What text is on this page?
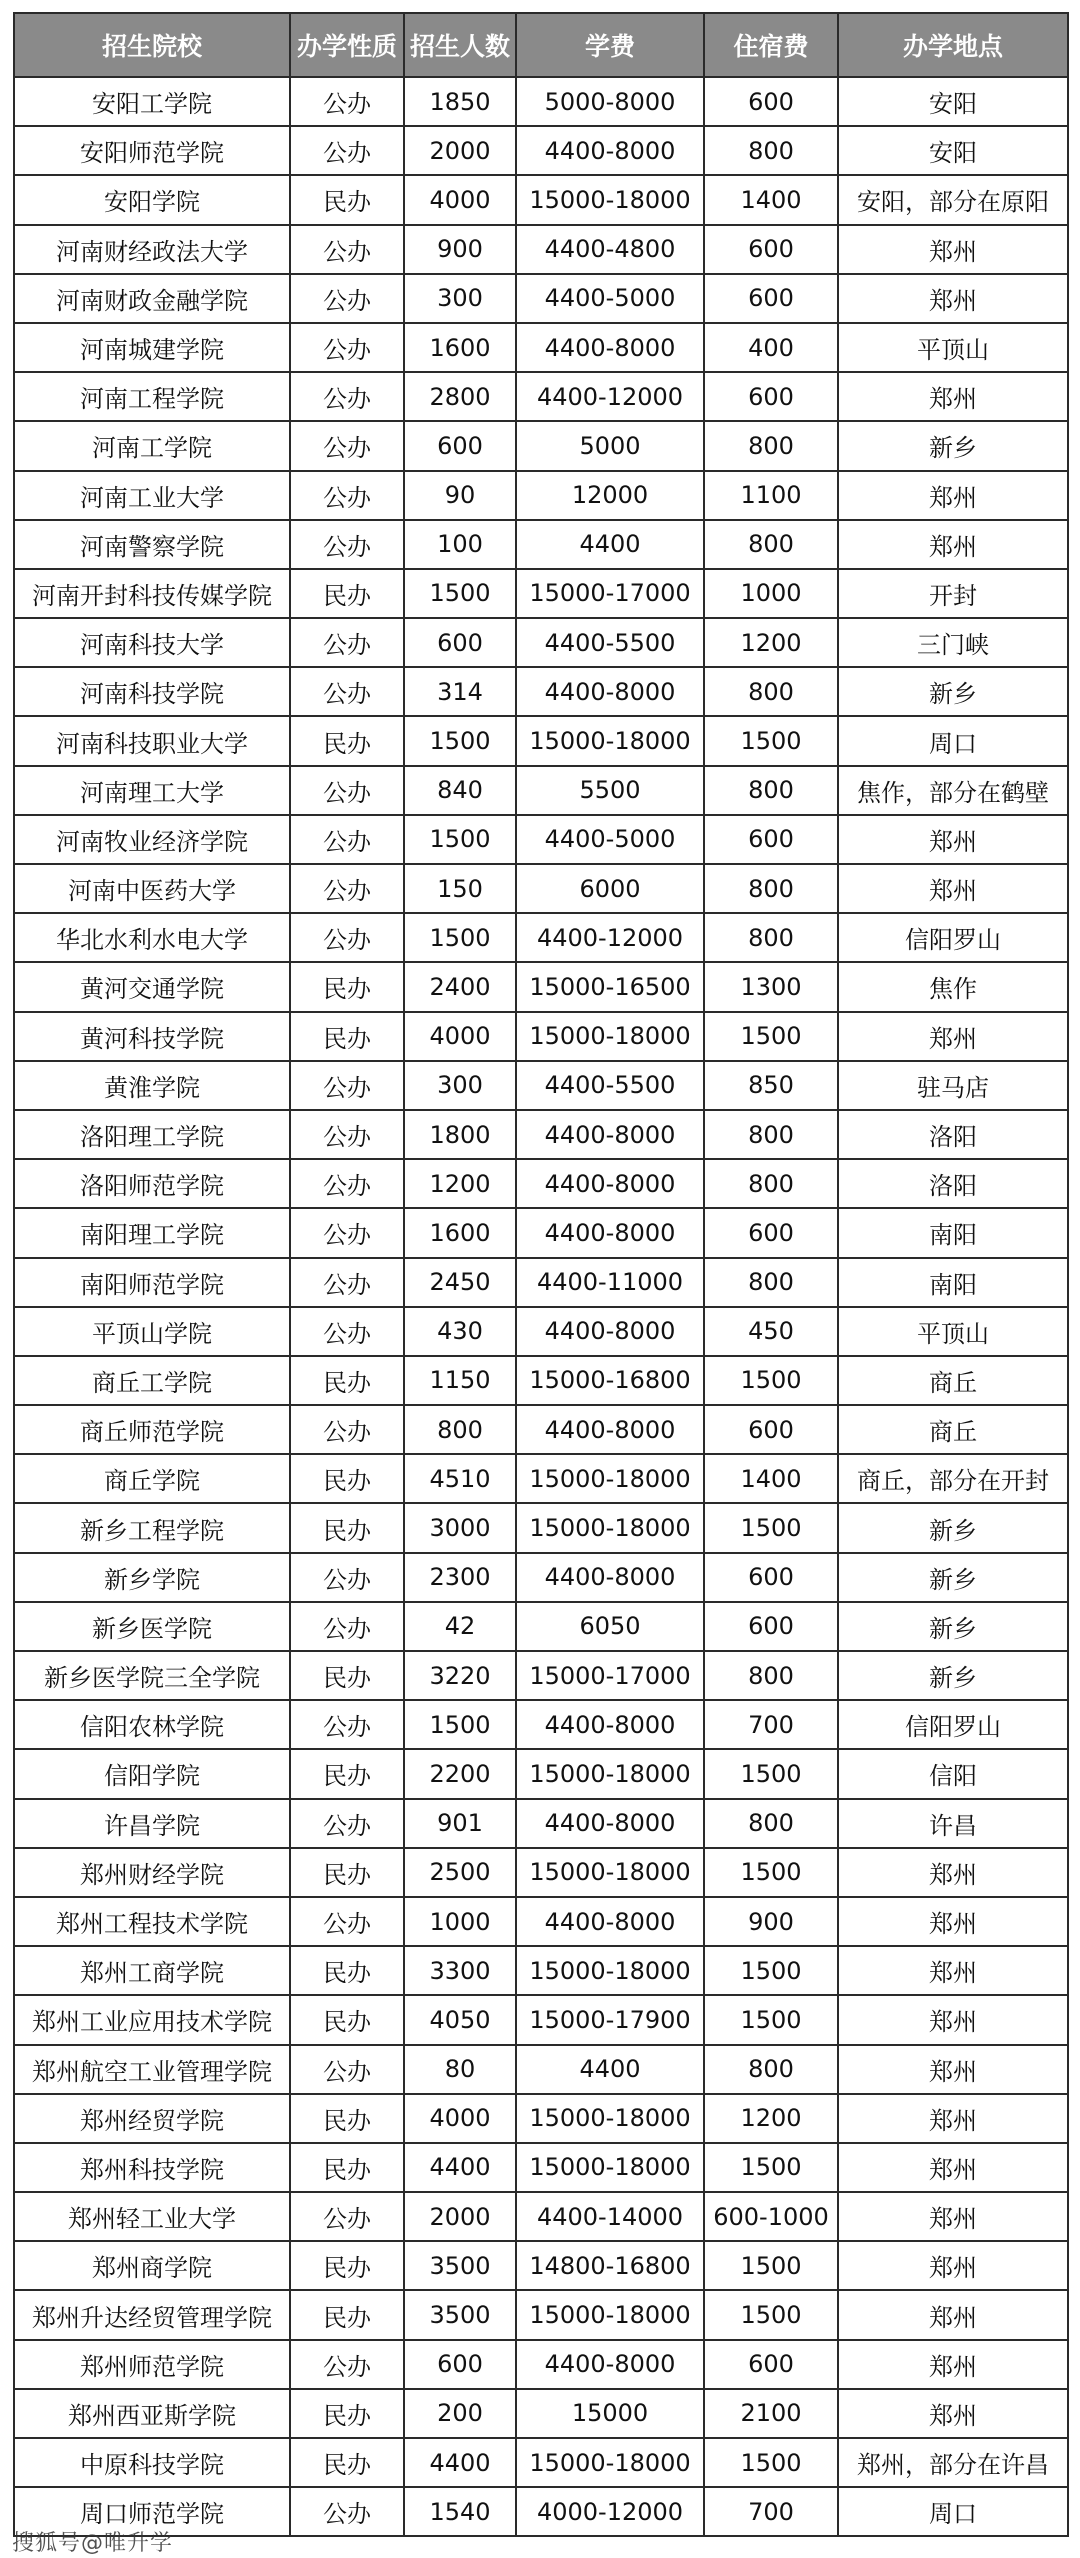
招生院校	办学性质	招生人数	学费	住宿费	办学地点
安阳工学院	公办	1850	5000-8000	600	安阳
安阳师范学院	公办	2000	4400-8000	800	安阳
安阳学院	民办	4000	15000-18000	1400	安阳，部分在原阳
河南财经政法大学	公办	900	4400-4800	600	郑州
河南财政金融学院	公办	300	4400-5000	600	郑州
河南城建学院	公办	1600	4400-8000	400	平顶山
河南工程学院	公办	2800	4400-12000	600	郑州
河南工学院	公办	600	5000	800	新乡
河南工业大学	公办	90	12000	1100	郑州
河南警察学院	公办	100	4400	800	郑州
河南开封科技传媒学院	民办	1500	15000-17000	1000	开封
河南科技大学	公办	600	4400-5500	1200	三门峡
河南科技学院	公办	314	4400-8000	800	新乡
河南科技职业大学	民办	1500	15000-18000	1500	周口
河南理工大学	公办	840	5500	800	焦作，部分在鹤壁
河南牧业经济学院	公办	1500	4400-5000	600	郑州
河南中医药大学	公办	150	6000	800	郑州
华北水利水电大学	公办	1500	4400-12000	800	信阳罗山
黄河交通学院	民办	2400	15000-16500	1300	焦作
黄河科技学院	民办	4000	15000-18000	1500	郑州
黄淮学院	公办	300	4400-5500	850	驻马店
洛阳理工学院	公办	1800	4400-8000	800	洛阳
洛阳师范学院	公办	1200	4400-8000	800	洛阳
南阳理工学院	公办	1600	4400-8000	600	南阳
南阳师范学院	公办	2450	4400-11000	800	南阳
平顶山学院	公办	430	4400-8000	450	平顶山
商丘工学院	民办	1150	15000-16800	1500	商丘
商丘师范学院	公办	800	4400-8000	600	商丘
商丘学院	民办	4510	15000-18000	1400	商丘，部分在开封
新乡工程学院	民办	3000	15000-18000	1500	新乡
新乡学院	公办	2300	4400-8000	600	新乡
新乡医学院	公办	42	6050	600	新乡
新乡医学院三全学院	民办	3220	15000-17000	800	新乡
信阳农林学院	公办	1500	4400-8000	700	信阳罗山
信阳学院	民办	2200	15000-18000	1500	信阳
许昌学院	公办	901	4400-8000	800	许昌
郑州财经学院	民办	2500	15000-18000	1500	郑州
郑州工程技术学院	公办	1000	4400-8000	900	郑州
郑州工商学院	民办	3300	15000-18000	1500	郑州
郑州工业应用技术学院	民办	4050	15000-17900	1500	郑州
郑州航空工业管理学院	公办	80	4400	800	郑州
郑州经贸学院	民办	4000	15000-18000	1200	郑州
郑州科技学院	民办	4400	15000-18000	1500	郑州
郑州轻工业大学	公办	2000	4400-14000	600-1000	郑州
郑州商学院	民办	3500	14800-16800	1500	郑州
郑州升达经贸管理学院	民办	3500	15000-18000	1500	郑州
郑州师范学院	公办	600	4400-8000	600	郑州
郑州西亚斯学院	民办	200	15000	2100	郑州
中原科技学院	民办	4400	15000-18000	1500	郑州，部分在许昌
周口师范学院	公办	1540	4000-12000	700	周口
搜狐号@唯升学
